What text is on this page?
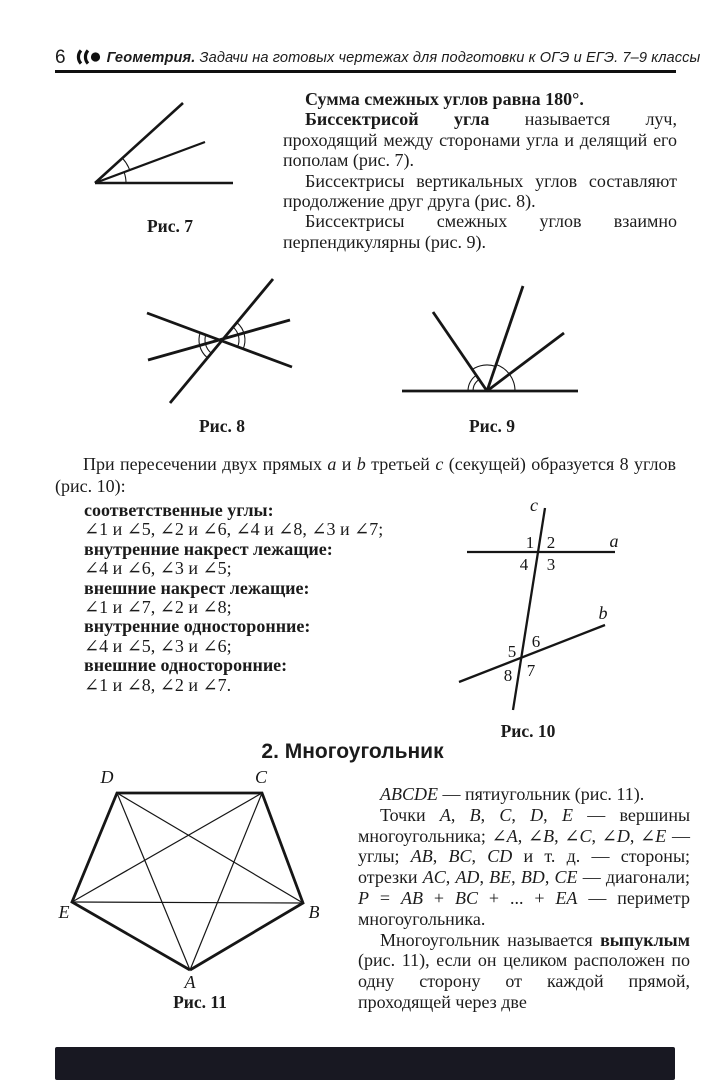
6	Геометрия. Задачи на готовых чертежах для подготовки к ОГЭ и ЕГЭ. 7–9 классы
Рис. 7

Сумма смежных углов равна 180°.

Биссектрисой угла называется луч, проходящий между сторонами угла и делящий его пополам (рис. 7).

Биссектрисы вертикальных углов составляют продолжение друг друга (рис. 8).

Биссектрисы смежных углов взаимно перпендикулярны (рис. 9).

Рис. 8	Рис. 9

При пересечении двух прямых a и b третьей c (секущей) образуется 8 углов (рис. 10):

соответственные углы:
∠1 и ∠5, ∠2 и ∠6, ∠4 и ∠8, ∠3 и ∠7;
внутренние накрест лежащие:
∠4 и ∠6, ∠3 и ∠5;
внешние накрест лежащие:
∠1 и ∠7, ∠2 и ∠8;
внутренние односторонние:
∠4 и ∠5, ∠3 и ∠6;
внешние односторонние:
∠1 и ∠8, ∠2 и ∠7.
c
a
b
1 2
3
4
5
6
7
8
Рис. 10
2. Многоугольник
A
B
C
D
E
Рис. 11

ABCDE — пятиугольник (рис. 11).

Точки A, B, C, D, E — вершины многоугольника; ∠A, ∠B, ∠C, ∠D, ∠E — углы; AB, BC, CD и т. д. — стороны; отрезки AC, AD, BE, BD, CE — диагонали; P = AB + BC + ... + EA — периметр многоугольника.

Многоугольник называется выпуклым (рис. 11), если он целиком расположен по одну сторону от каждой прямой, проходящей через две
